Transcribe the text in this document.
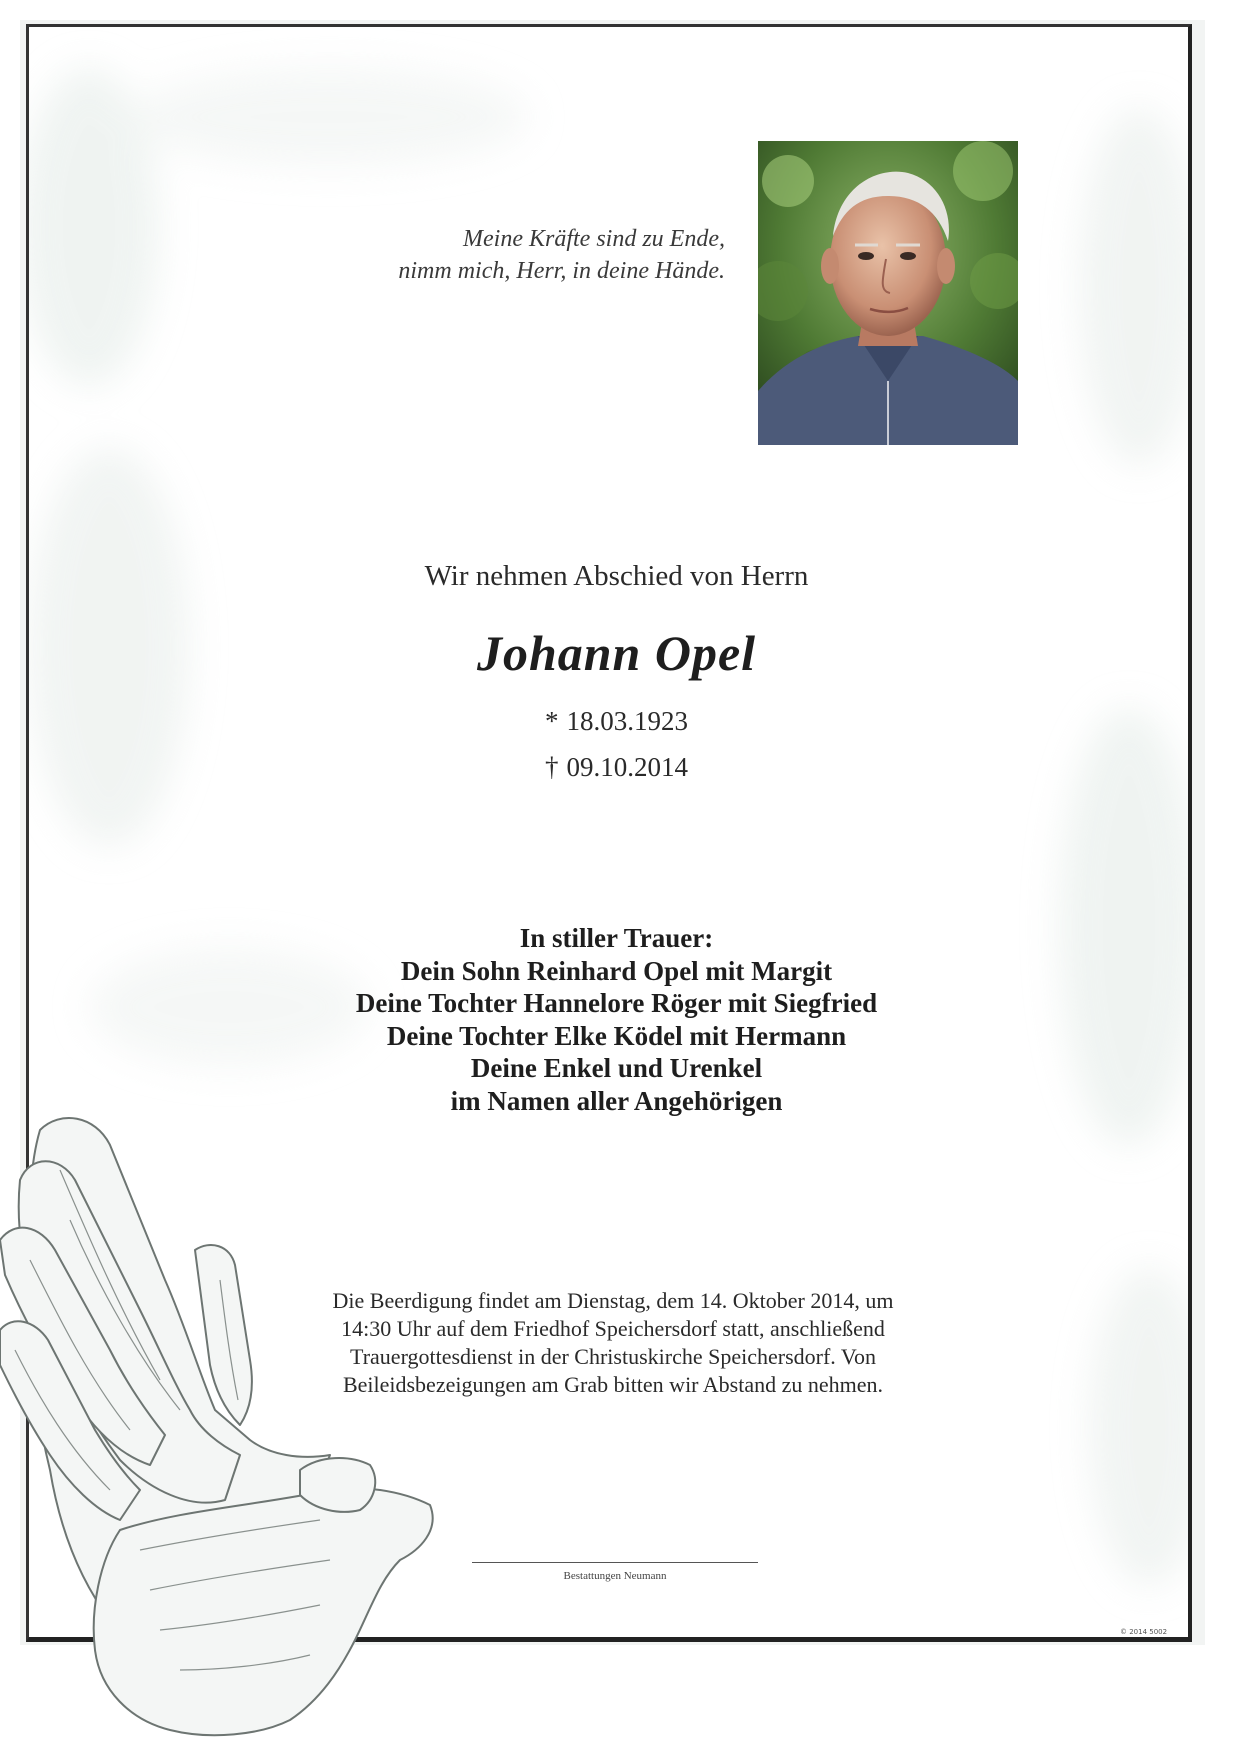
Meine Kräfte sind zu Ende,
nimm mich, Herr, in deine Hände.
Wir nehmen Abschied von Herrn
Johann Opel
* 18.03.1923
† 09.10.2014
In stiller Trauer:
Dein Sohn Reinhard Opel mit Margit
Deine Tochter Hannelore Röger mit Siegfried
Deine Tochter Elke Ködel mit Hermann
Deine Enkel und Urenkel
im Namen aller Angehörigen
Die Beerdigung findet am Dienstag, dem 14. Oktober 2014, um
14:30 Uhr auf dem Friedhof Speichersdorf statt, anschließend
Trauergottesdienst in der Christuskirche Speichersdorf. Von
Beileidsbezeigungen am Grab bitten wir Abstand zu nehmen.
Bestattungen Neumann
© 2014 5002
